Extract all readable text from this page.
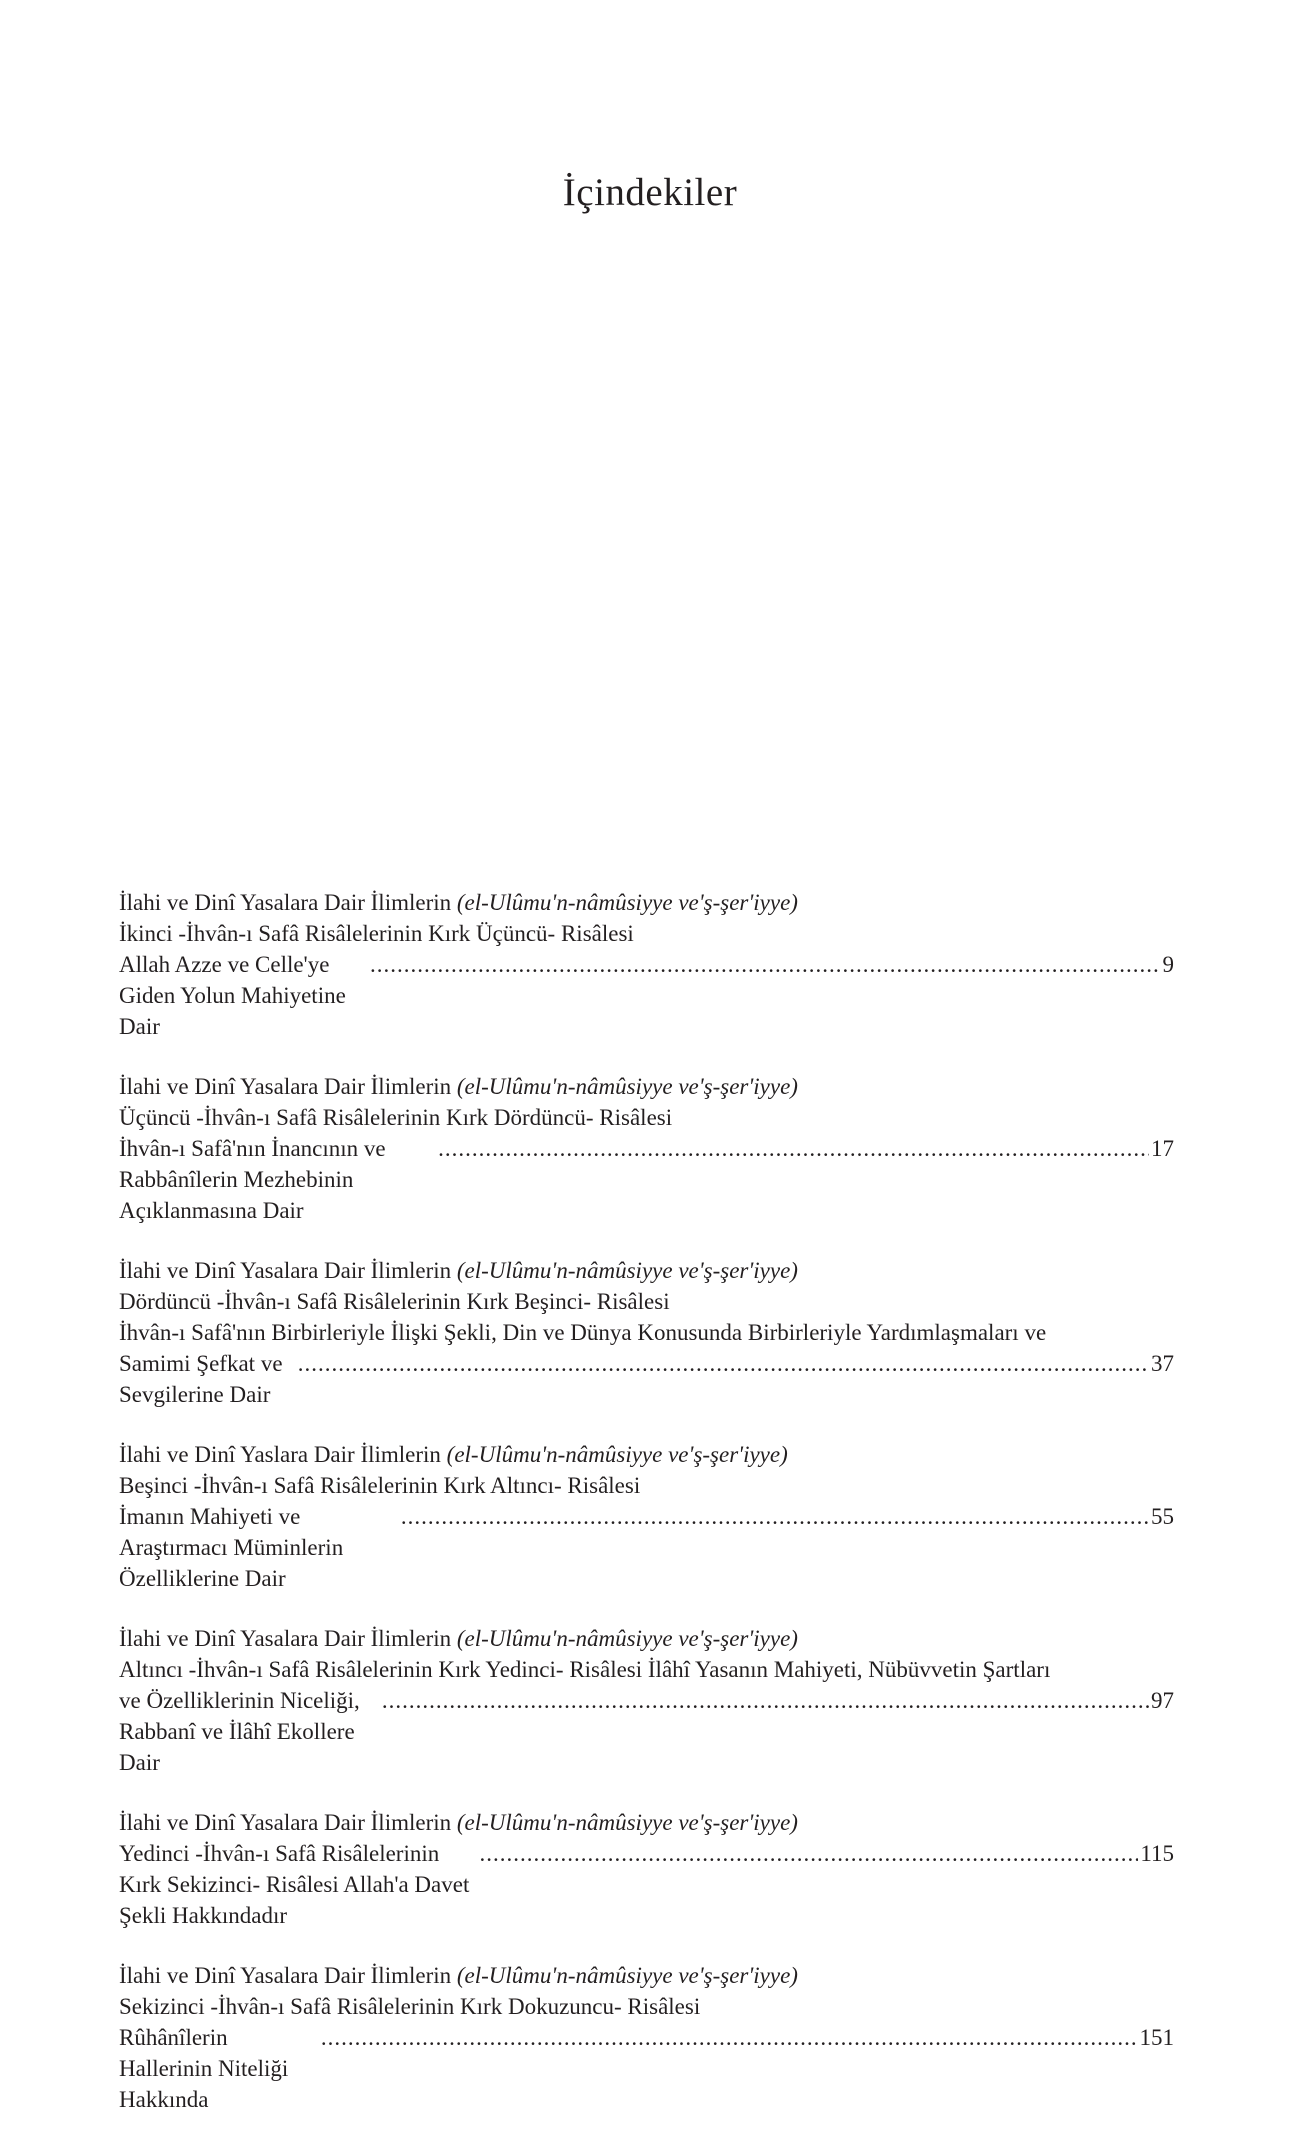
İçindekiler
İlahi ve Dinî Yasalara Dair İlimlerin (el-Ulûmu'n-nâmûsiyye ve'ş-şer'iyye)
İkinci -İhvân-ı Safâ Risâlelerinin Kırk Üçüncü- Risâlesi
Allah Azze ve Celle'ye Giden Yolun Mahiyetine Dair
.....
9
İlahi ve Dinî Yasalara Dair İlimlerin (el-Ulûmu'n-nâmûsiyye ve'ş-şer'iyye)
Üçüncü -İhvân-ı Safâ Risâlelerinin Kırk Dördüncü- Risâlesi
İhvân-ı Safâ'nın İnancının ve Rabbânîlerin Mezhebinin Açıklanmasına Dair
.....
17
İlahi ve Dinî Yasalara Dair İlimlerin (el-Ulûmu'n-nâmûsiyye ve'ş-şer'iyye)
Dördüncü -İhvân-ı Safâ Risâlelerinin Kırk Beşinci- Risâlesi
İhvân-ı Safâ'nın Birbirleriyle İlişki Şekli, Din ve Dünya Konusunda Birbirleriyle Yardımlaşmaları ve
Samimi Şefkat ve Sevgilerine Dair
.....
37
İlahi ve Dinî Yaslara Dair İlimlerin (el-Ulûmu'n-nâmûsiyye ve'ş-şer'iyye)
Beşinci -İhvân-ı Safâ Risâlelerinin Kırk Altıncı- Risâlesi
İmanın Mahiyeti ve Araştırmacı Müminlerin Özelliklerine Dair
.....
55
İlahi ve Dinî Yasalara Dair İlimlerin (el-Ulûmu'n-nâmûsiyye ve'ş-şer'iyye)
Altıncı -İhvân-ı Safâ Risâlelerinin Kırk Yedinci- Risâlesi İlâhî Yasanın Mahiyeti, Nübüvvetin Şartları
ve Özelliklerinin Niceliği, Rabbanî ve İlâhî Ekollere Dair
.....
97
İlahi ve Dinî Yasalara Dair İlimlerin (el-Ulûmu'n-nâmûsiyye ve'ş-şer'iyye)
Yedinci -İhvân-ı Safâ Risâlelerinin Kırk Sekizinci- Risâlesi Allah'a Davet Şekli Hakkındadır
.....
115
İlahi ve Dinî Yasalara Dair İlimlerin (el-Ulûmu'n-nâmûsiyye ve'ş-şer'iyye)
Sekizinci -İhvân-ı Safâ Risâlelerinin Kırk Dokuzuncu- Risâlesi
Rûhânîlerin Hallerinin Niteliği Hakkında
.....
151
